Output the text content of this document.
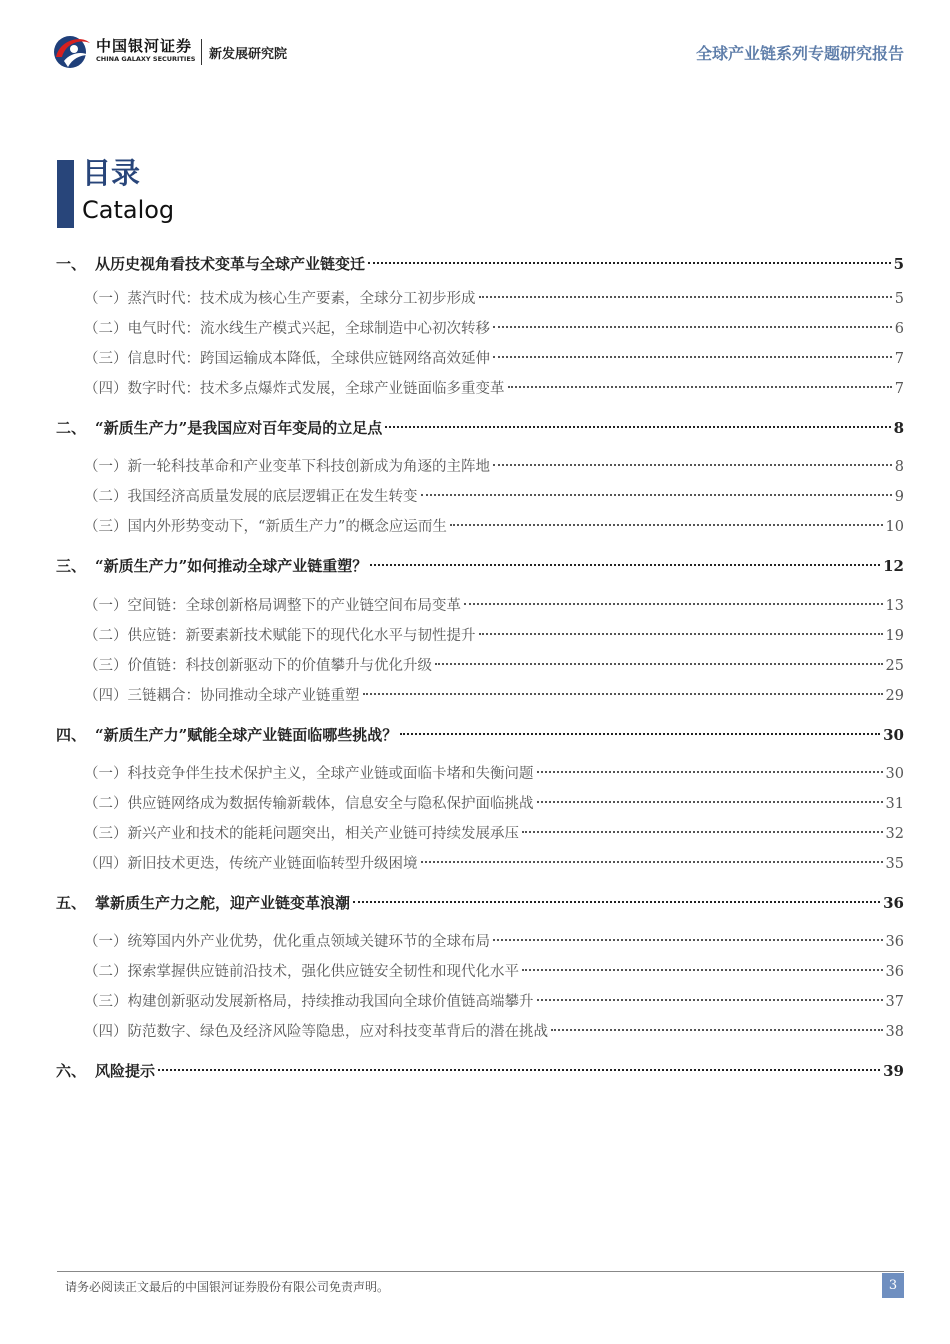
中国银河证券
CHINA GALAXY SECURITIES 新发展研究院	全球产业链系列专题研究报告
目录
Catalog
一、 从历史视角看技术变革与全球产业链变迁	5
（一）蒸汽时代：技术成为核心生产要素，全球分工初步形成	5
（二）电气时代：流水线生产模式兴起，全球制造中心初次转移	6
（三）信息时代：跨国运输成本降低，全球供应链网络高效延伸	7
（四）数字时代：技术多点爆炸式发展，全球产业链面临多重变革	7
二、 “新质生产力”是我国应对百年变局的立足点	8
（一）新一轮科技革命和产业变革下科技创新成为角逐的主阵地	8
（二）我国经济高质量发展的底层逻辑正在发生转变	9
（三）国内外形势变动下，“新质生产力”的概念应运而生	10
三、 “新质生产力”如何推动全球产业链重塑？	12
（一）空间链：全球创新格局调整下的产业链空间布局变革	13
（二）供应链：新要素新技术赋能下的现代化水平与韧性提升	19
（三）价值链：科技创新驱动下的价值攀升与优化升级	25
（四）三链耦合：协同推动全球产业链重塑	29
四、 “新质生产力”赋能全球产业链面临哪些挑战？	30
（一）科技竞争伴生技术保护主义，全球产业链或面临卡堵和失衡问题	30
（二）供应链网络成为数据传输新载体，信息安全与隐私保护面临挑战	31
（三）新兴产业和技术的能耗问题突出，相关产业链可持续发展承压	32
（四）新旧技术更迭，传统产业链面临转型升级困境	35
五、 掌新质生产力之舵，迎产业链变革浪潮	36
（一）统筹国内外产业优势，优化重点领域关键环节的全球布局	36
（二）探索掌握供应链前沿技术，强化供应链安全韧性和现代化水平	36
（三）构建创新驱动发展新格局，持续推动我国向全球价值链高端攀升	37
（四）防范数字、绿色及经济风险等隐患，应对科技变革背后的潜在挑战	38
六、 风险提示	39
请务必阅读正文最后的中国银河证券股份有限公司免责声明。	3
